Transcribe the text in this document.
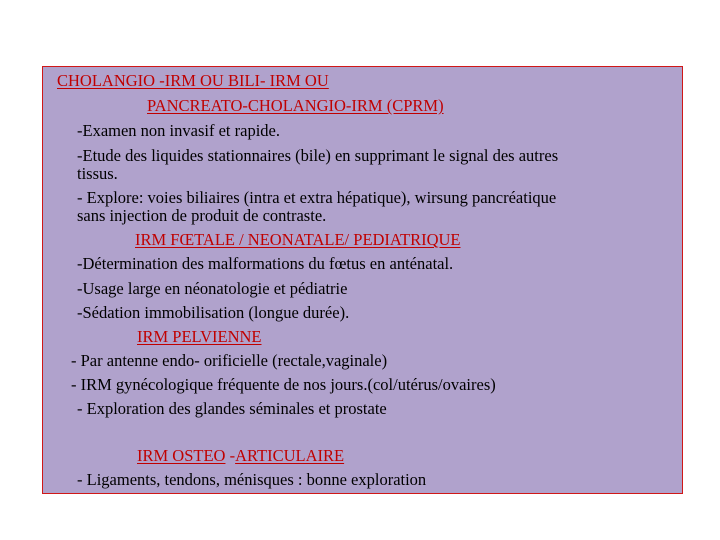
CHOLANGIO -IRM OU BILI- IRM OU
PANCREATO-CHOLANGIO-IRM (CPRM)
-Examen non invasif et rapide.
-Etude des liquides stationnaires (bile) en supprimant le signal des autres
tissus.
- Explore: voies biliaires (intra et extra hépatique), wirsung pancréatique
sans injection de produit de contraste.
IRM FŒTALE / NEONATALE/ PEDIATRIQUE
-Détermination des malformations du fœtus en anténatal.
-Usage large en néonatologie et pédiatrie
-Sédation immobilisation (longue durée).
IRM PELVIENNE
- Par antenne endo- orificielle (rectale,vaginale)
- IRM gynécologique fréquente de nos jours.(col/utérus/ovaires)
- Exploration des glandes séminales et prostate
IRM OSTEO -ARTICULAIRE
- Ligaments, tendons, ménisques : bonne exploration
